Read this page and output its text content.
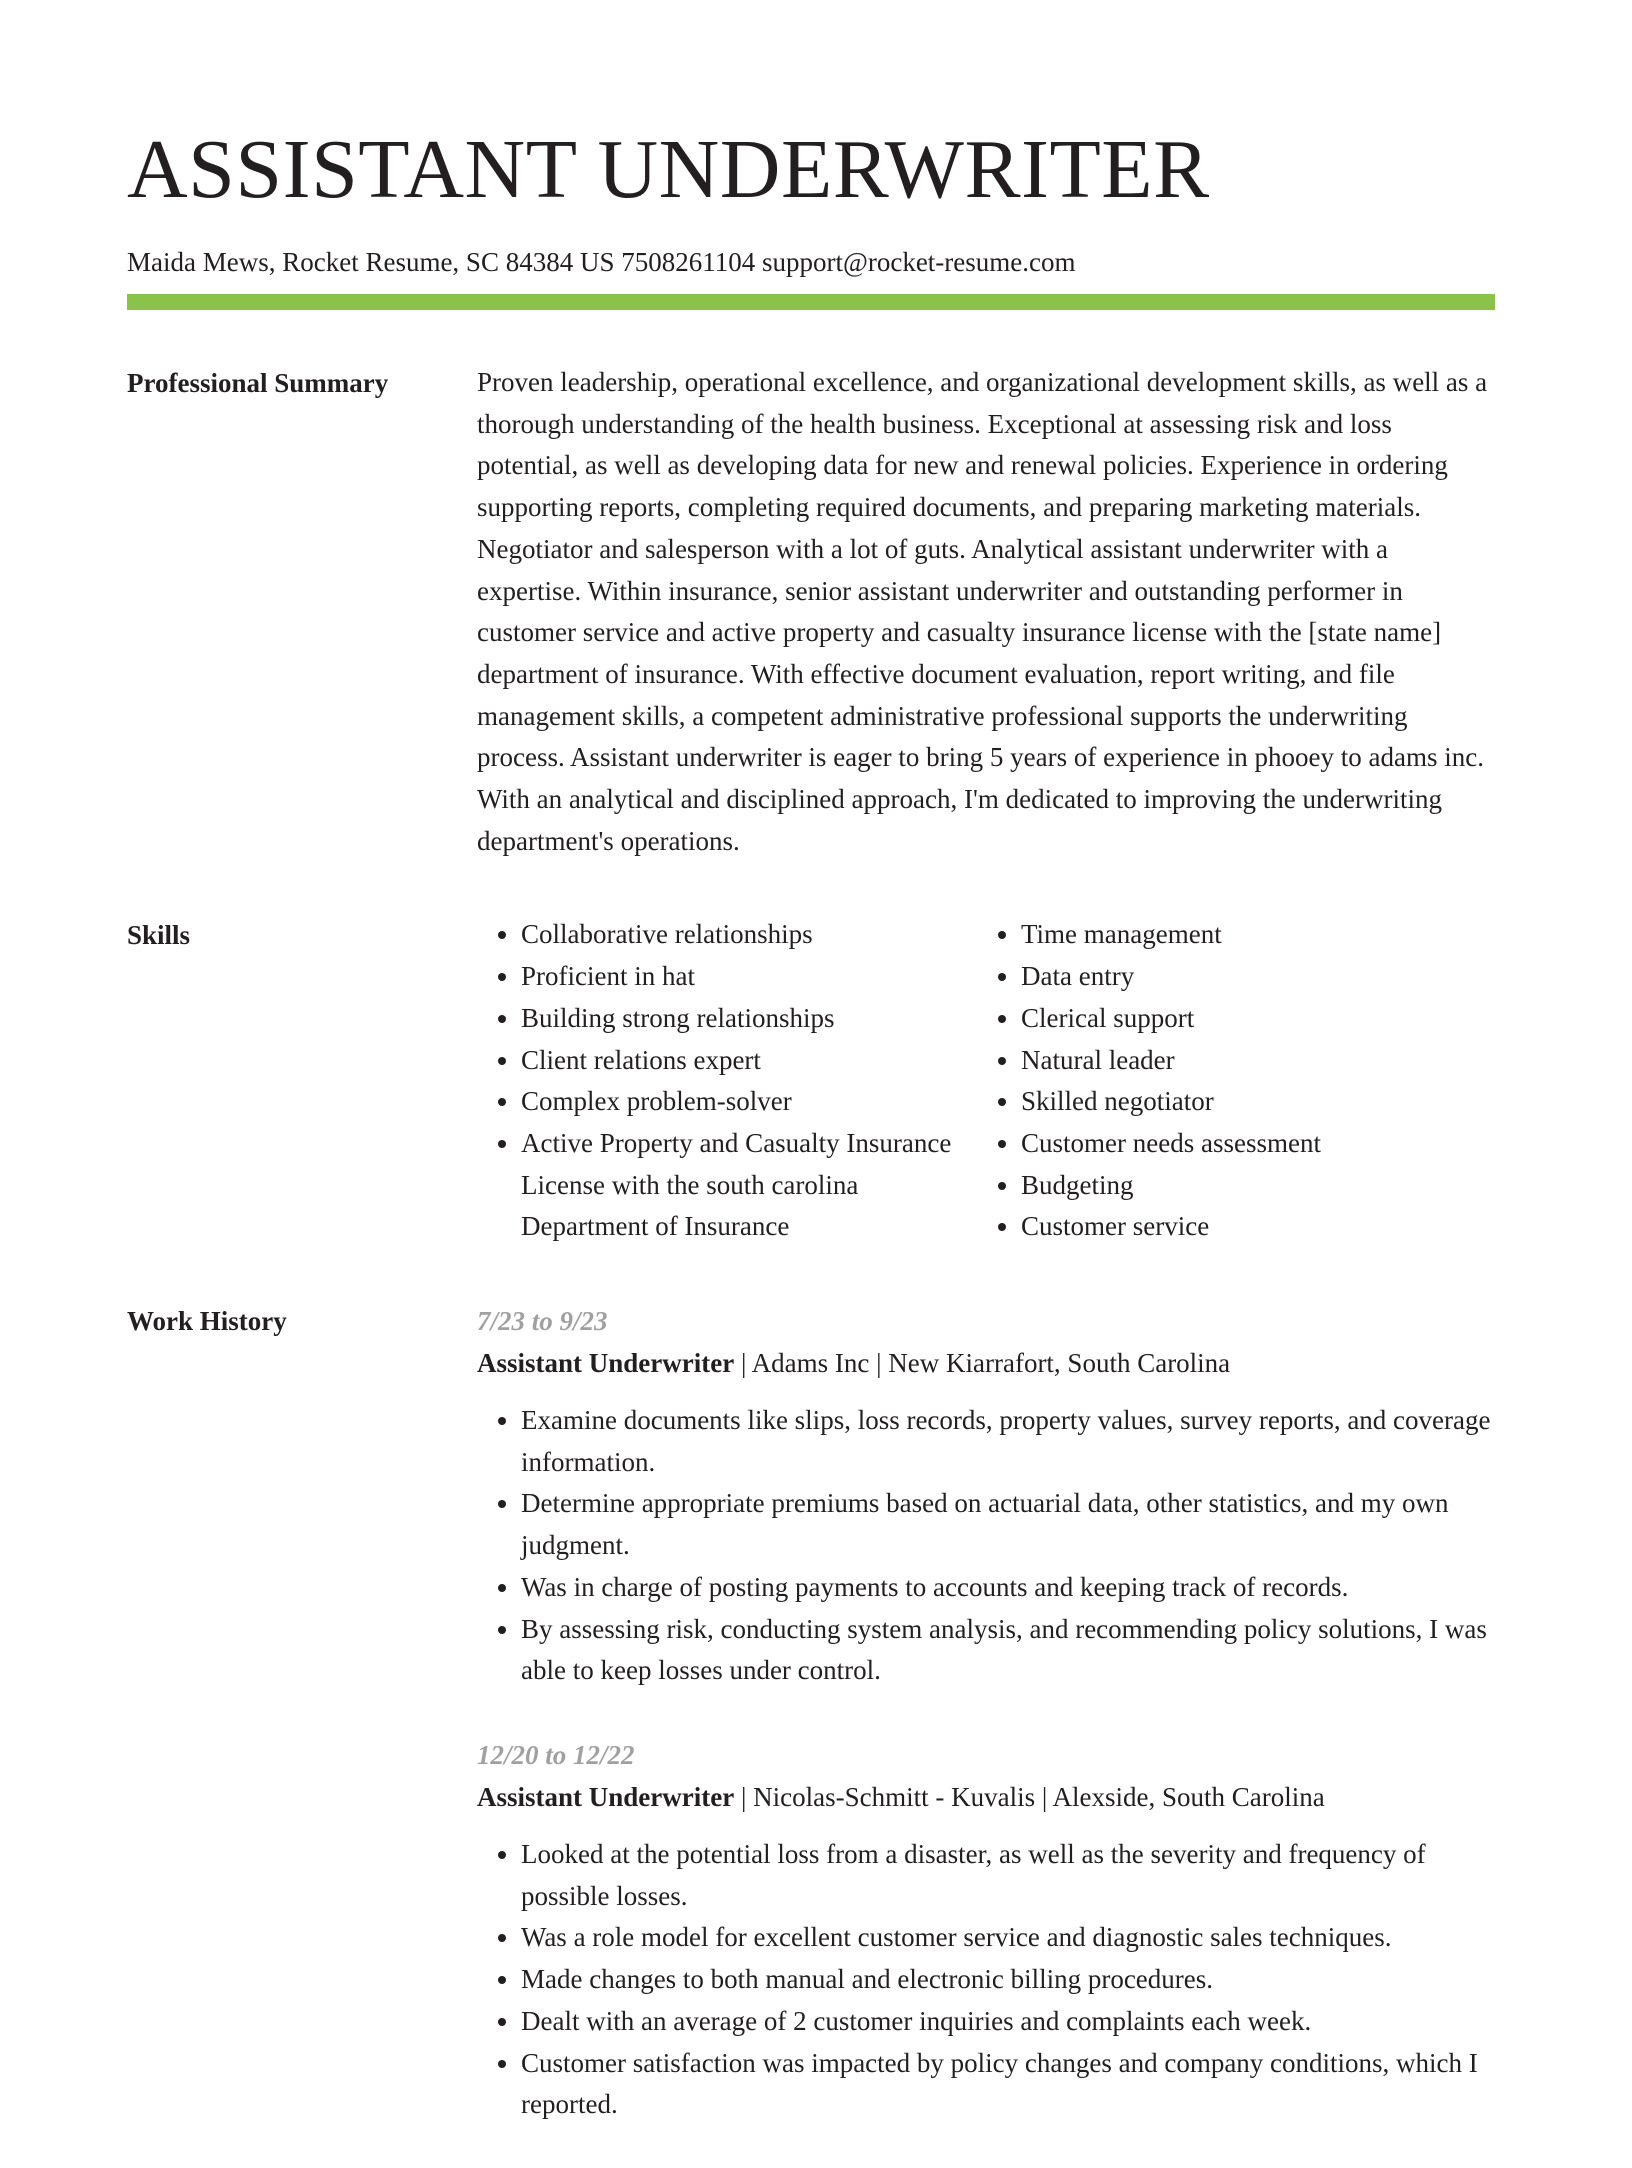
ASSISTANT UNDERWRITER
Maida Mews, Rocket Resume, SC 84384 US 7508261104 support@rocket-resume.com
Professional Summary	Proven leadership, operational excellence, and organizational development skills, as well as a thorough understanding of the health business. Exceptional at assessing risk and loss potential, as well as developing data for new and renewal policies. Experience in ordering supporting reports, completing required documents, and preparing marketing materials. Negotiator and salesperson with a lot of guts. Analytical assistant underwriter with a expertise. Within insurance, senior assistant underwriter and outstanding performer in customer service and active property and casualty insurance license with the [state name] department of insurance. With effective document evaluation, report writing, and file management skills, a competent administrative professional supports the underwriting process. Assistant underwriter is eager to bring 5 years of experience in phooey to adams inc. With an analytical and disciplined approach, I'm dedicated to improving the underwriting department's operations.

Skills
•	Collaborative relationships
• Proficient in hat
• Building strong relationships
• Client relations expert
• Complex problem-solver
• Active Property and Casualty Insurance License with the south carolina Department of Insurance
• Time management
• Data entry
• Clerical support
• Natural leader
• Skilled negotiator
• Customer needs assessment
• Budgeting
• Customer service
Work History	7/23 to 9/23
Assistant Underwriter | Adams Inc | New Kiarrafort, South Carolina
• Examine documents like slips, loss records, property values, survey reports, and coverage information.
• Determine appropriate premiums based on actuarial data, other statistics, and my own judgment.
• Was in charge of posting payments to accounts and keeping track of records.
• By assessing risk, conducting system analysis, and recommending policy solutions, I was able to keep losses under control.
12/20 to 12/22
Assistant Underwriter | Nicolas-Schmitt - Kuvalis | Alexside, South Carolina
• Looked at the potential loss from a disaster, as well as the severity and frequency of possible losses.
• Was a role model for excellent customer service and diagnostic sales techniques.
• Made changes to both manual and electronic billing procedures.
• Dealt with an average of 2 customer inquiries and complaints each week.
• Customer satisfaction was impacted by policy changes and company conditions, which I reported.
